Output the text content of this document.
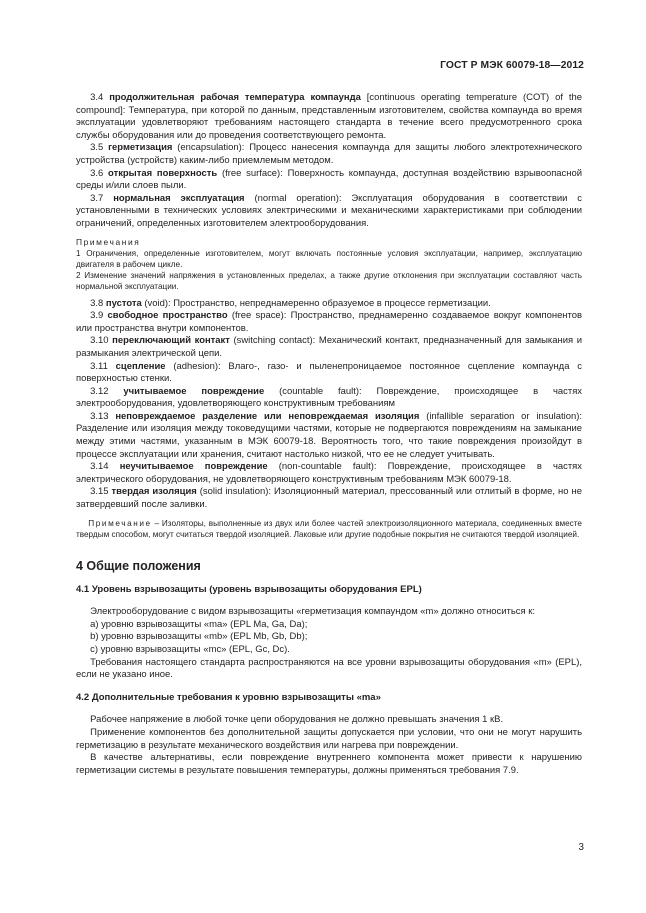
ГОСТ Р МЭК 60079-18—2012

  3.4 продолжительная рабочая температура компаунда [continuous operating temperature (COT) of the compound]: Температура, при которой по данным, представленным изготовителем, свойства компаунда во время эксплуатации удовлетворяют требованиям настоящего стандарта в течение всего предусмотренного срока службы оборудования или до проведения соответствующего ремонта.

  3.5 герметизация (encapsulation): Процесс нанесения компаунда для защиты любого электротехнического устройства (устройств) каким-либо приемлемым методом.

  3.6 открытая поверхность (free surface): Поверхность компаунда, доступная воздействию взрывоопасной среды и/или слоев пыли.

  3.7 нормальная эксплуатация (normal operation): Эксплуатация оборудования в соответствии с установленными в технических условиях электрическими и механическими характеристиками при соблюдении ограничений, определенных изготовителем электрооборудования.

Примечания
1 Ограничения, определенные изготовителем, могут включать постоянные условия эксплуатации, например, эксплуатацию двигателя в рабочем цикле.
2 Изменение значений напряжения в установленных пределах, а также другие отклонения при эксплуатации составляют часть нормальной эксплуатации.

  3.8 пустота (void): Пространство, непреднамеренно образуемое в процессе герметизации.

  3.9 свободное пространство (free space): Пространство, преднамеренно создаваемое вокруг компонентов или пространства внутри компонентов.

  3.10 переключающий контакт (switching contact): Механический контакт, предназначенный для замыкания и размыкания электрической цепи.

  3.11 сцепление (adhesion): Влаго-, газо- и пыленепроницаемое постоянное сцепление компаунда с поверхностью стенки.

  3.12 учитываемое повреждение (countable fault): Повреждение, происходящее в частях электрооборудования, удовлетворяющего конструктивным требованиям

  3.13 неповреждаемое разделение или неповреждаемая изоляция (infallible separation or insulation): Разделение или изоляция между токоведущими частями, которые не подвергаются повреждениям на замыкание между этими частями, указанным в МЭК 60079-18. Вероятность того, что такие повреждения произойдут в процессе эксплуатации или хранения, считают настолько низкой, что ее не следует учитывать.

  3.14 неучитываемое повреждение (non-countable fault): Повреждение, происходящее в частях электрического оборудования, не удовлетворяющего конструктивным требованиям МЭК 60079-18.

  3.15 твердая изоляция (solid insulation): Изоляционный материал, прессованный или отлитый в форме, но не затвердевший после заливки.

  Примечание – Изоляторы, выполненные из двух или более частей электроизоляционного материала, соединенных вместе твердым способом, могут считаться твердой изоляцией. Лаковые или другие подобные покрытия не считаются твердой изоляцией.
4 Общие положения
4.1 Уровень взрывозащиты (уровень взрывозащиты оборудования EPL)

  Электрооборудование с видом взрывозащиты «герметизация компаундом «m» должно относиться к:

  a) уровню взрывозащиты «ma» (EPL Ma, Ga, Da);

  b) уровню взрывозащиты «mb» (EPL Mb, Gb, Db);

  c) уровню взрывозащиты «mc» (EPL, Gc, Dc).

  Требования настоящего стандарта распространяются на все уровни взрывозащиты оборудования «m» (EPL), если не указано иное.

4.2 Дополнительные требования к уровню взрывозащиты «ma»

  Рабочее напряжение в любой точке цепи оборудования не должно превышать значения 1 кВ.

  Применение компонентов без дополнительной защиты допускается при условии, что они не могут нарушить герметизацию в результате механического воздействия или нагрева при повреждении.

  В качестве альтернативы, если повреждение внутреннего компонента может привести к нарушению герметизации системы в результате повышения температуры, должны применяться требования 7.9.

3
